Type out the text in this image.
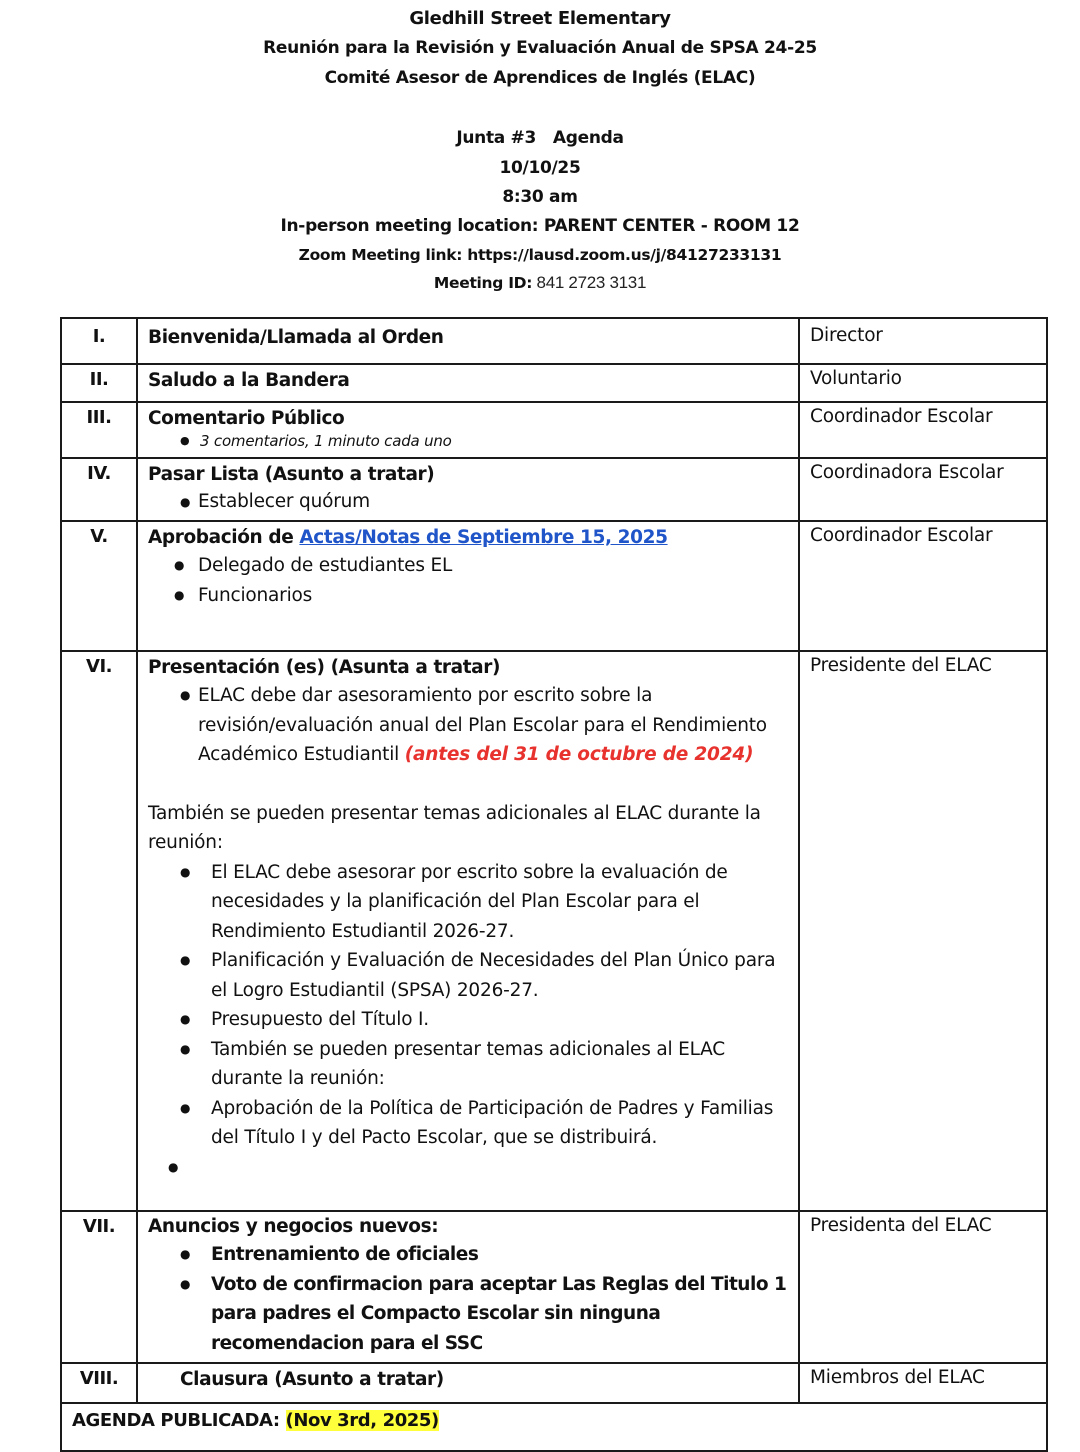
Gledhill Street Elementary
Reunión para la Revisión y Evaluación Anual de SPSA 24-25
Comité Asesor de Aprendices de Inglés (ELAC)
Junta #3   Agenda
10/10/25
8:30 am
In-person meeting location: PARENT CENTER - ROOM 12
Zoom Meeting link: https://lausd.zoom.us/j/84127233131
Meeting ID: 841 2723 3131
I.	Bienvenida/Llamada al Orden	Director
II.	Saludo a la Bandera	Voluntario
III.	Comentario Público
● 3 comentarios, 1 minuto cada uno
	Coordinador Escolar
IV.	Pasar Lista (Asunto a tratar)
● Establecer quórum
	Coordinadora Escolar
V.	Aprobación de Actas/Notas de Septiembre 15, 2025
● Delegado de estudiantes EL
● Funcionarios
	Coordinador Escolar
VI.	Presentación (es) (Asunta a tratar)
● ELAC debe dar asesoramiento por escrito sobre la revisión/evaluación anual del Plan Escolar para el Rendimiento Académico Estudiantil (antes del 31 de octubre de 2024)
También se pueden presentar temas adicionales al ELAC durante la reunión:
● El ELAC debe asesorar por escrito sobre la evaluación de necesidades y la planificación del Plan Escolar para el Rendimiento Estudiantil 2026-27.
● Planificación y Evaluación de Necesidades del Plan Único para el Logro Estudiantil (SPSA) 2026-27.
● Presupuesto del Título I.
● También se pueden presentar temas adicionales al ELAC durante la reunión:
● Aprobación de la Política de Participación de Padres y Familias del Título I y del Pacto Escolar, que se distribuirá.
●

	Presidente del ELAC
VII.	Anuncios y negocios nuevos:
● Entrenamiento de oficiales
● Voto de confirmacion para aceptar Las Reglas del Titulo 1 para padres el Compacto Escolar sin ninguna recomendacion para el SSC
	Presidenta del ELAC
VIII.	Clausura (Asunto a tratar)	Miembros del ELAC
AGENDA PUBLICADA: (Nov 3rd, 2025)		
